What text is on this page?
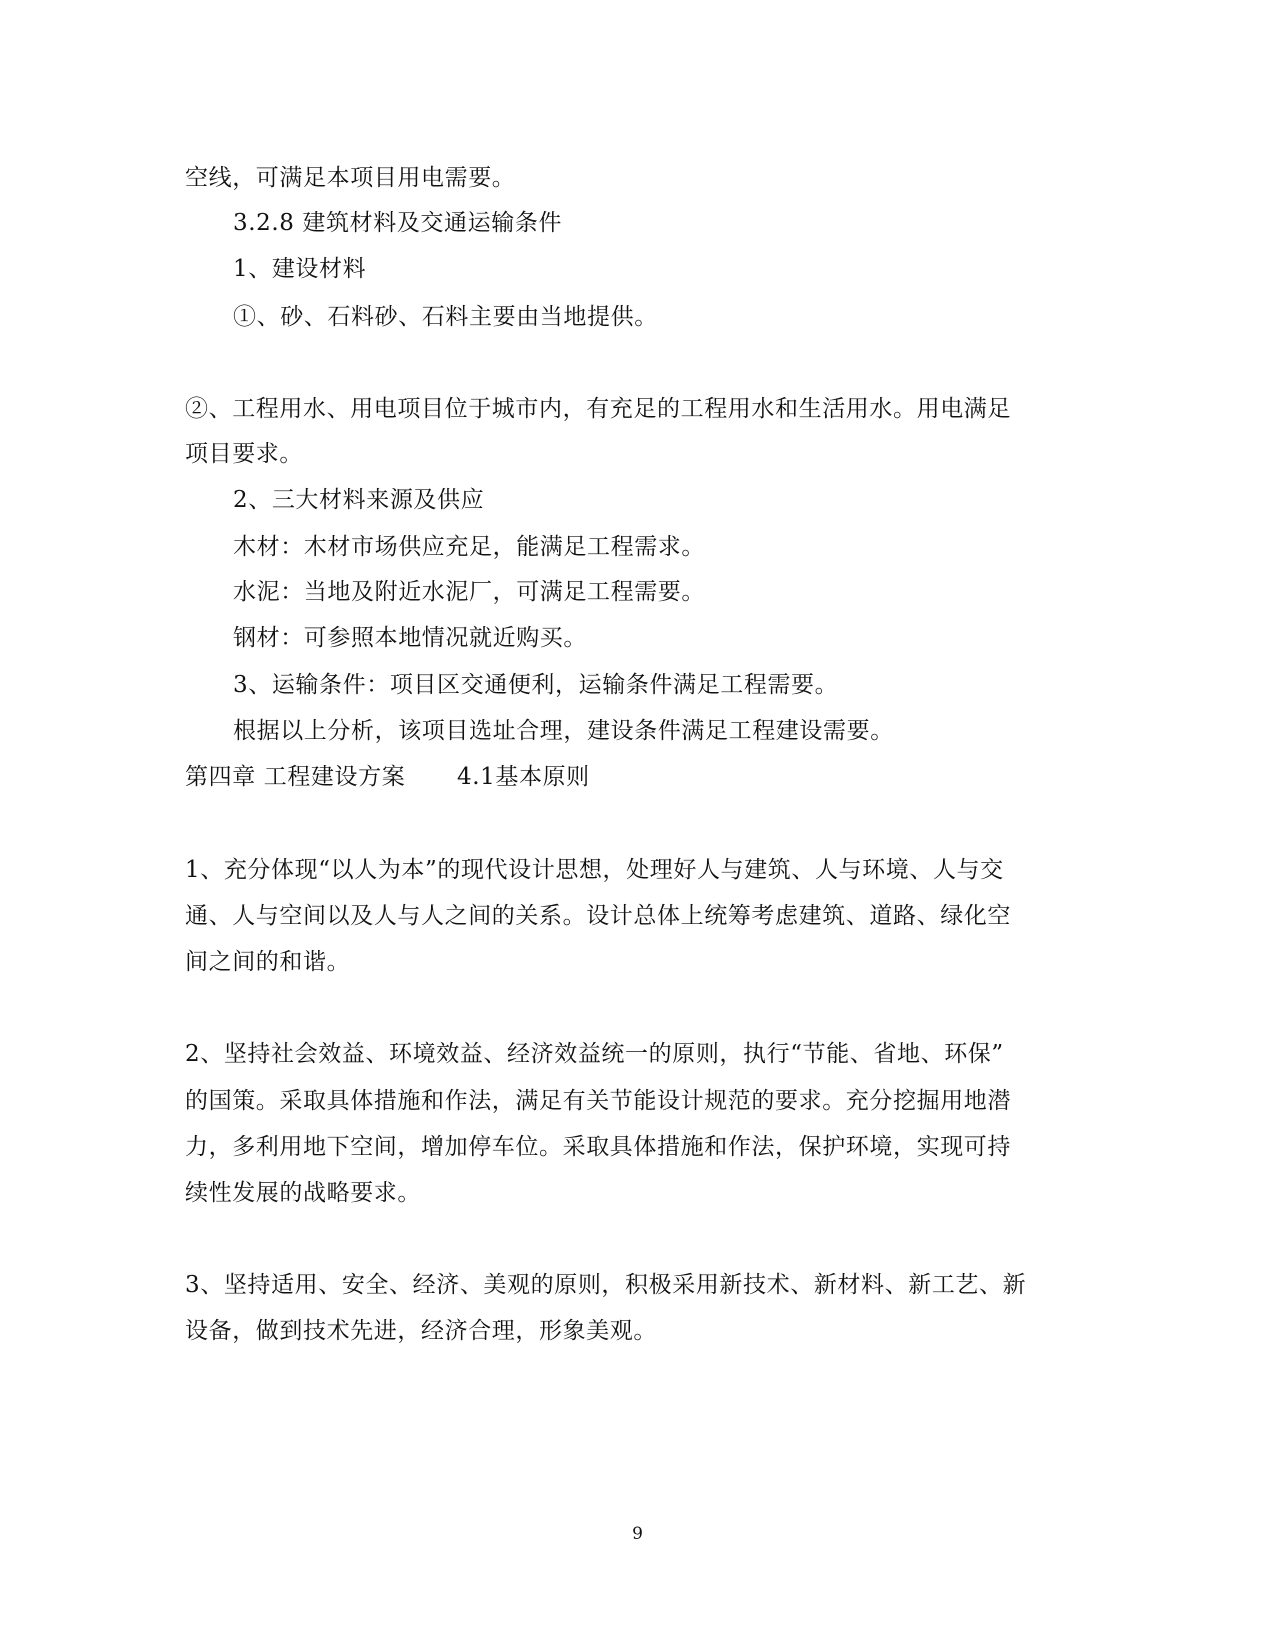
空线，可满足本项目用电需要。
3.2.8 建筑材料及交通运输条件
1、建设材料
①、砂、石料砂、石料主要由当地提供。
②、工程用水、用电项目位于城市内，有充足的工程用水和生活用水。用电满足
项目要求。
2、三大材料来源及供应
木材：木材市场供应充足，能满足工程需求。
水泥：当地及附近水泥厂，可满足工程需要。
钢材：可参照本地情况就近购买。
3、运输条件：项目区交通便利，运输条件满足工程需要。
根据以上分析，该项目选址合理，建设条件满足工程建设需要。
第四章 工程建设方案 4.1基本原则
1、充分体现“以人为本”的现代设计思想，处理好人与建筑、人与环境、人与交
通、人与空间以及人与人之间的关系。设计总体上统筹考虑建筑、道路、绿化空
间之间的和谐。
2、坚持社会效益、环境效益、经济效益统一的原则，执行“节能、省地、环保”
的国策。采取具体措施和作法，满足有关节能设计规范的要求。充分挖掘用地潜
力，多利用地下空间，增加停车位。采取具体措施和作法，保护环境，实现可持
续性发展的战略要求。
3、坚持适用、安全、经济、美观的原则，积极采用新技术、新材料、新工艺、新
设备，做到技术先进，经济合理，形象美观。
9
